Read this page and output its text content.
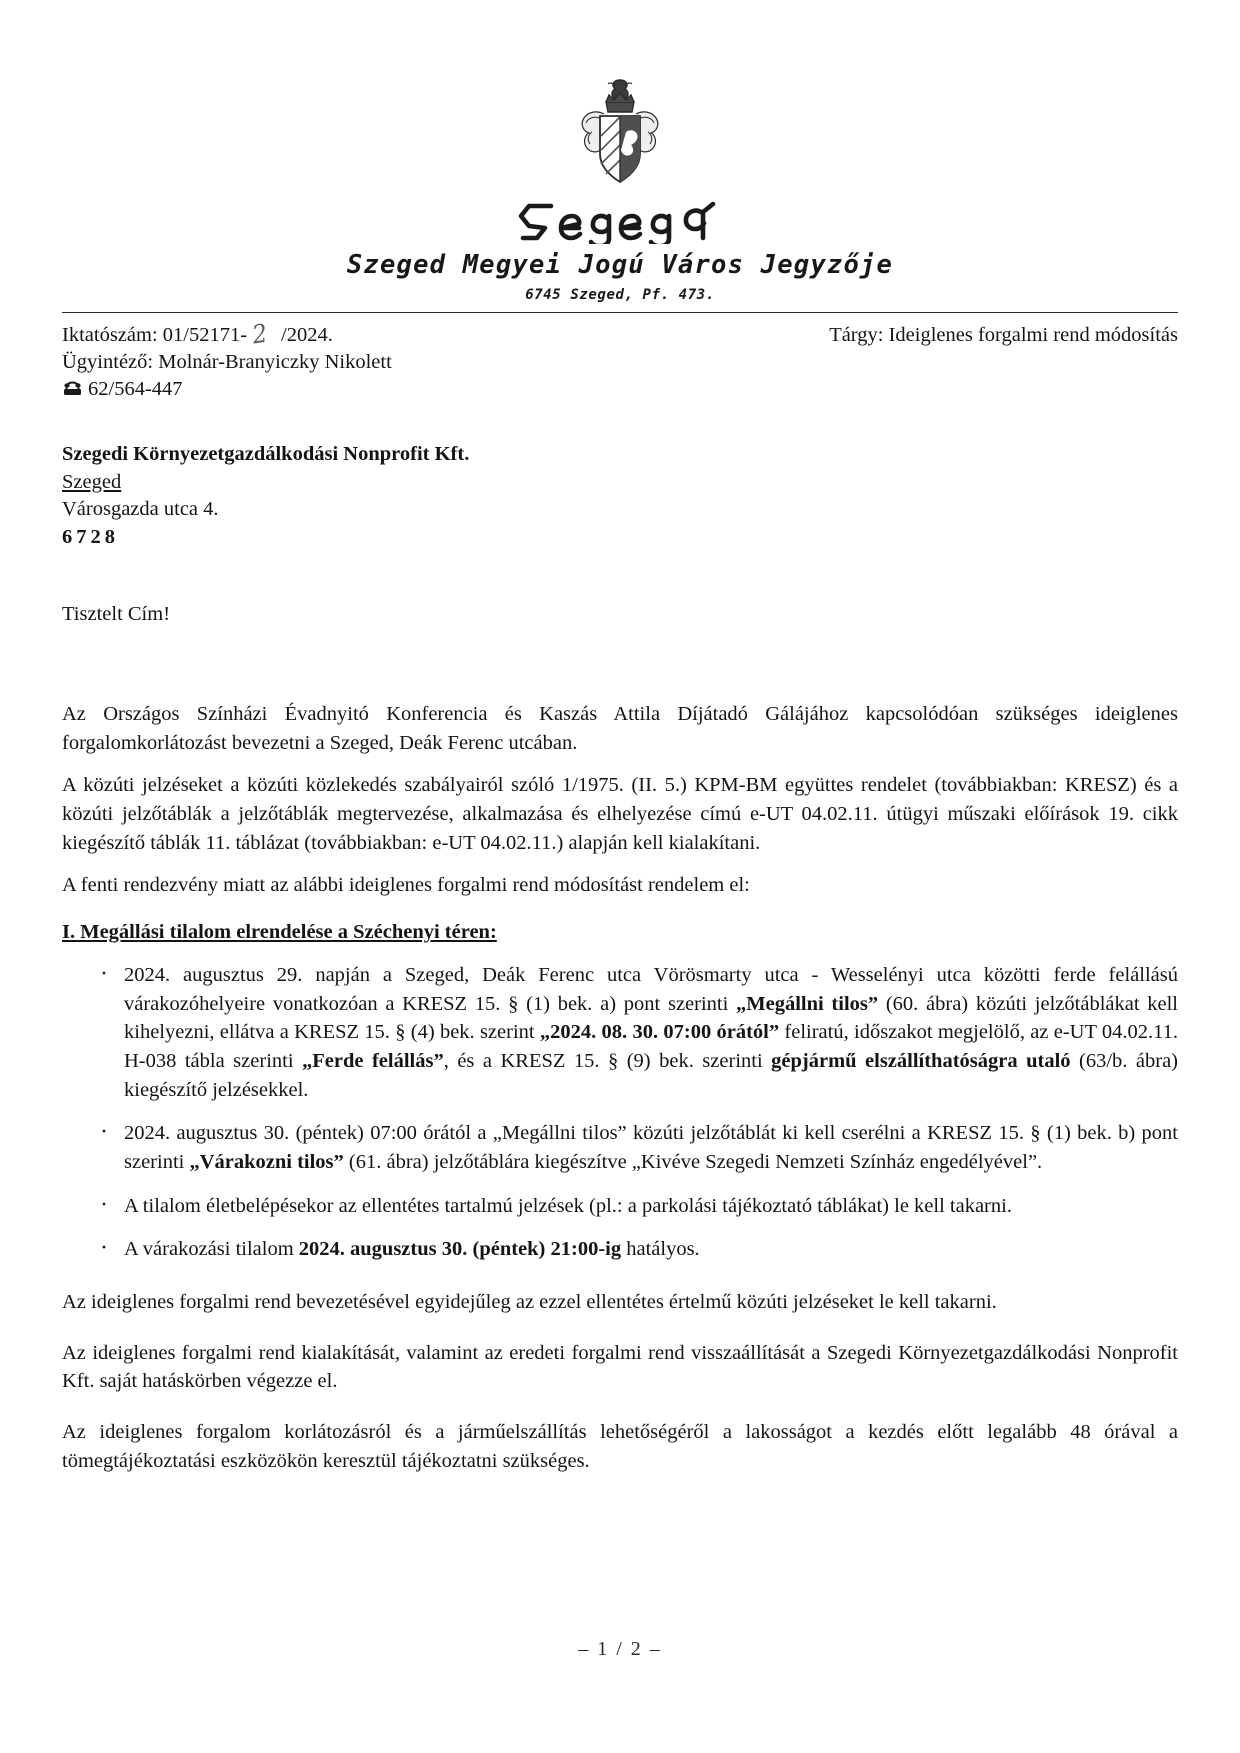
Szeged Megyei Jogú Város Jegyzője
6745 Szeged, Pf. 473.
Iktatószám: 01/52171- 2 /2024.	Tárgy: Ideiglenes forgalmi rend módosítás
Ügyintéző: Molnár-Branyiczky Nikolett
62/564-447
Szegedi Környezetgazdálkodási Nonprofit Kft.
Szeged
Városgazda utca 4.
6728
Tisztelt Cím!

Az Országos Színházi Évadnyitó Konferencia és Kaszás Attila Díjátadó Gálájához kapcsolódóan szükséges ideiglenes forgalomkorlátozást bevezetni a Szeged, Deák Ferenc utcában.

A közúti jelzéseket a közúti közlekedés szabályairól szóló 1/1975. (II. 5.) KPM-BM együttes rendelet (továbbiakban: KRESZ) és a közúti jelzőtáblák a jelzőtáblák megtervezése, alkalmazása és elhelyezése címú e-UT 04.02.11. útügyi műszaki előírások 19. cikk kiegészítő táblák 11. táblázat (továbbiakban: e-UT 04.02.11.) alapján kell kialakítani.

A fenti rendezvény miatt az alábbi ideiglenes forgalmi rend módosítást rendelem el:

I. Megállási tilalom elrendelése a Széchenyi téren:
· 2024. augusztus 29. napján a Szeged, Deák Ferenc utca Vörösmarty utca - Wesselényi utca közötti ferde felállású várakozóhelyeire vonatkozóan a KRESZ 15. § (1) bek. a) pont szerinti „Megállni tilos” (60. ábra) közúti jelzőtáblákat kell kihelyezni, ellátva a KRESZ 15. § (4) bek. szerint „2024. 08. 30. 07:00 órától” feliratú, időszakot megjelölő, az e-UT 04.02.11. H-038 tábla szerinti „Ferde felállás”, és a KRESZ 15. § (9) bek. szerinti gépjármű elszállíthatóságra utaló (63/b. ábra) kiegészítő jelzésekkel.
· 2024. augusztus 30. (péntek) 07:00 órától a „Megállni tilos” közúti jelzőtáblát ki kell cserélni a KRESZ 15. § (1) bek. b) pont szerinti „Várakozni tilos” (61. ábra) jelzőtáblára kiegészítve „Kivéve Szegedi Nemzeti Színház engedélyével”.
· A tilalom életbelépésekor az ellentétes tartalmú jelzések (pl.: a parkolási tájékoztató táblákat) le kell takarni.
· A várakozási tilalom 2024. augusztus 30. (péntek) 21:00-ig hatályos.

Az ideiglenes forgalmi rend bevezetésével egyidejűleg az ezzel ellentétes értelmű közúti jelzéseket le kell takarni.

Az ideiglenes forgalmi rend kialakítását, valamint az eredeti forgalmi rend visszaállítását a Szegedi Környezetgazdálkodási Nonprofit Kft. saját hatáskörben végezze el.

Az ideiglenes forgalom korlátozásról és a járműelszállítás lehetőségéről a lakosságot a kezdés előtt legalább 48 órával a tömegtájékoztatási eszközökön keresztül tájékoztatni szükséges.

– 1 / 2 –
